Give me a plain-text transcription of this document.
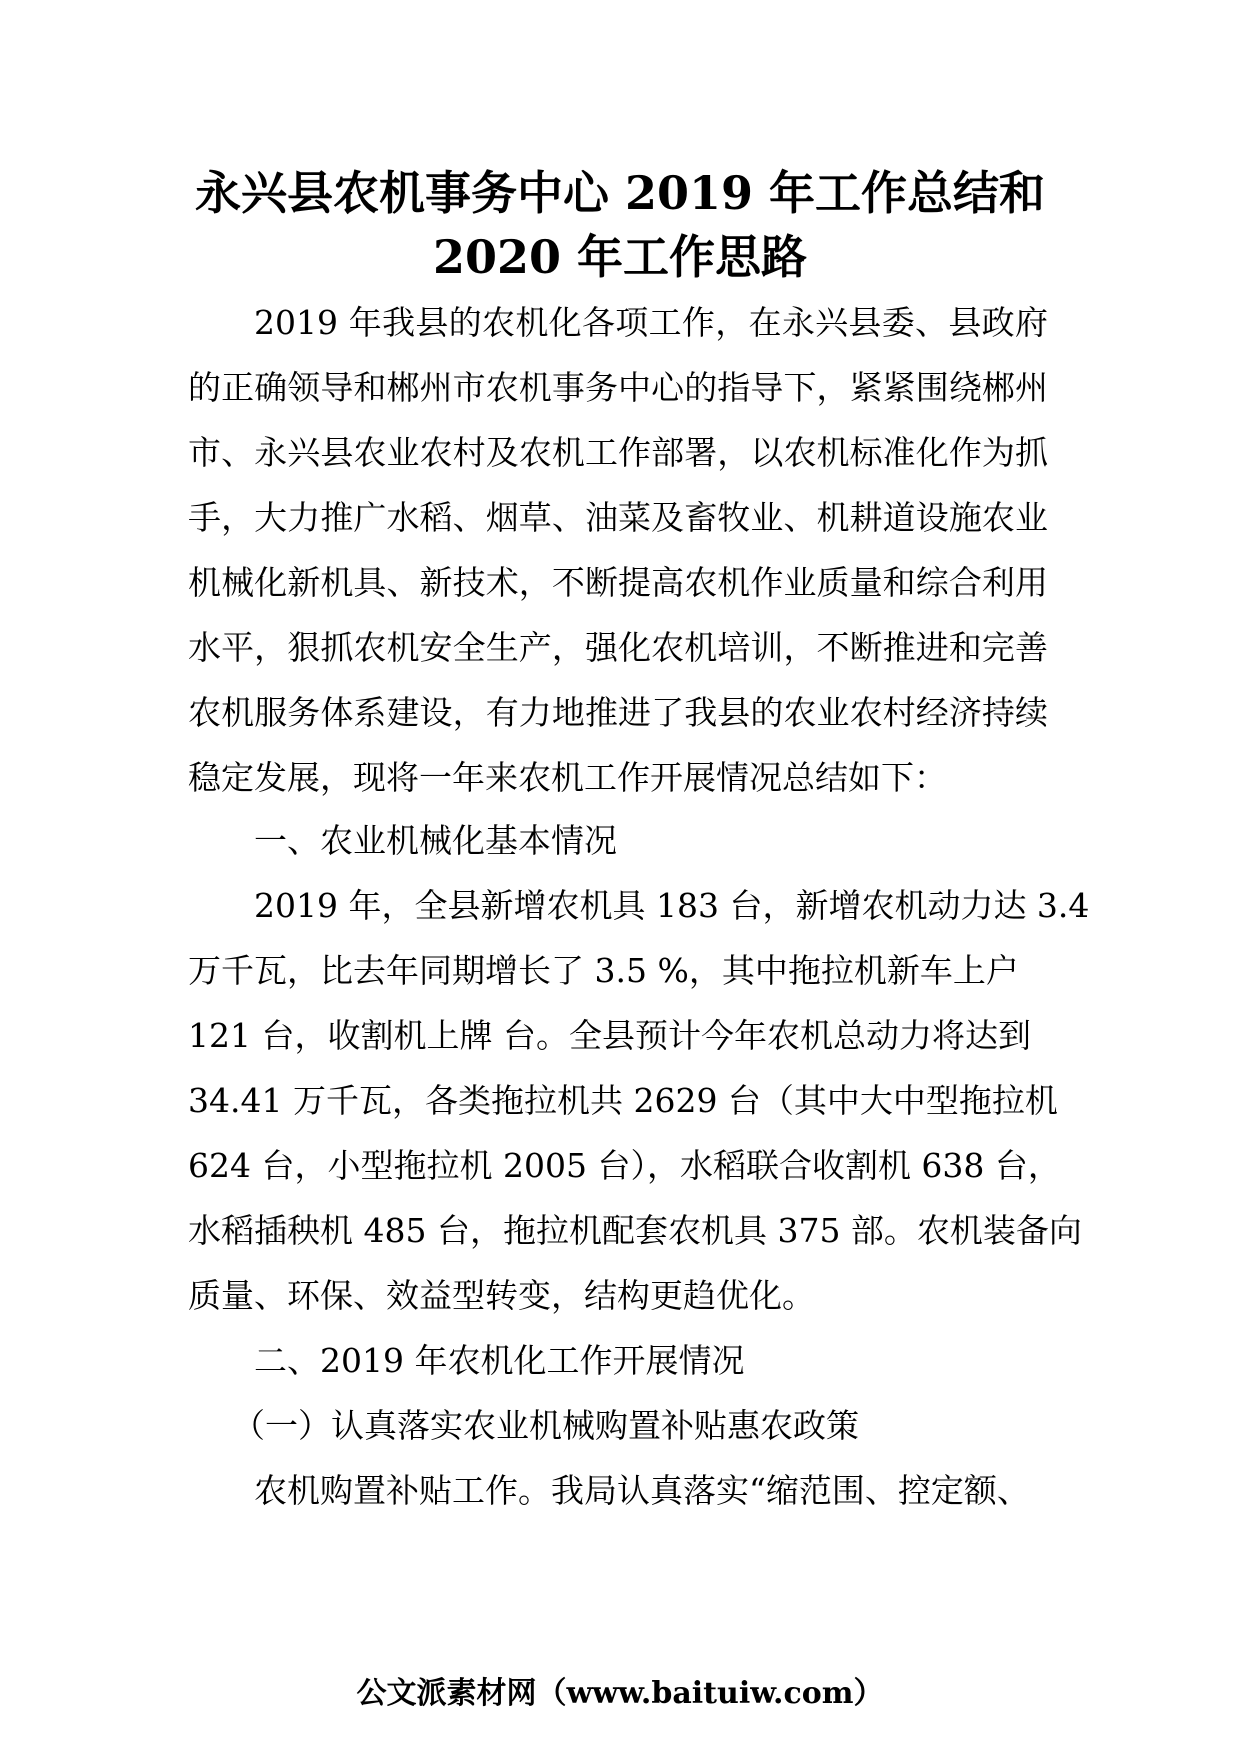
永兴县农机事务中心 2019 年工作总结和
2020 年工作思路
2019 年我县的农机化各项工作，在永兴县委、县政府的正确领导和郴州市农机事务中心的指导下，紧紧围绕郴州市、永兴县农业农村及农机工作部署，以农机标准化作为抓手，大力推广水稻、烟草、油菜及畜牧业、机耕道设施农业机械化新机具、新技术，不断提高农机作业质量和综合利用水平，狠抓农机安全生产，强化农机培训，不断推进和完善农机服务体系建设，有力地推进了我县的农业农村经济持续稳定发展，现将一年来农机工作开展情况总结如下：
一、农业机械化基本情况
2019 年，全县新增农机具 183 台，新增农机动力达 3.4
万千瓦，比去年同期增长了 3.5 %，其中拖拉机新车上户
121 台，收割机上牌 台。全县预计今年农机总动力将达到
34.41 万千瓦，各类拖拉机共 2629 台（其中大中型拖拉机
624 台，小型拖拉机 2005 台），水稻联合收割机 638 台，
水稻插秧机 485 台，拖拉机配套农机具 375 部。农机装备向
质量、环保、效益型转变，结构更趋优化。
二、2019 年农机化工作开展情况
（一）认真落实农业机械购置补贴惠农政策
农机购置补贴工作。我局认真落实“缩范围、控定额、
公文派素材网（www.baituiw.com）
